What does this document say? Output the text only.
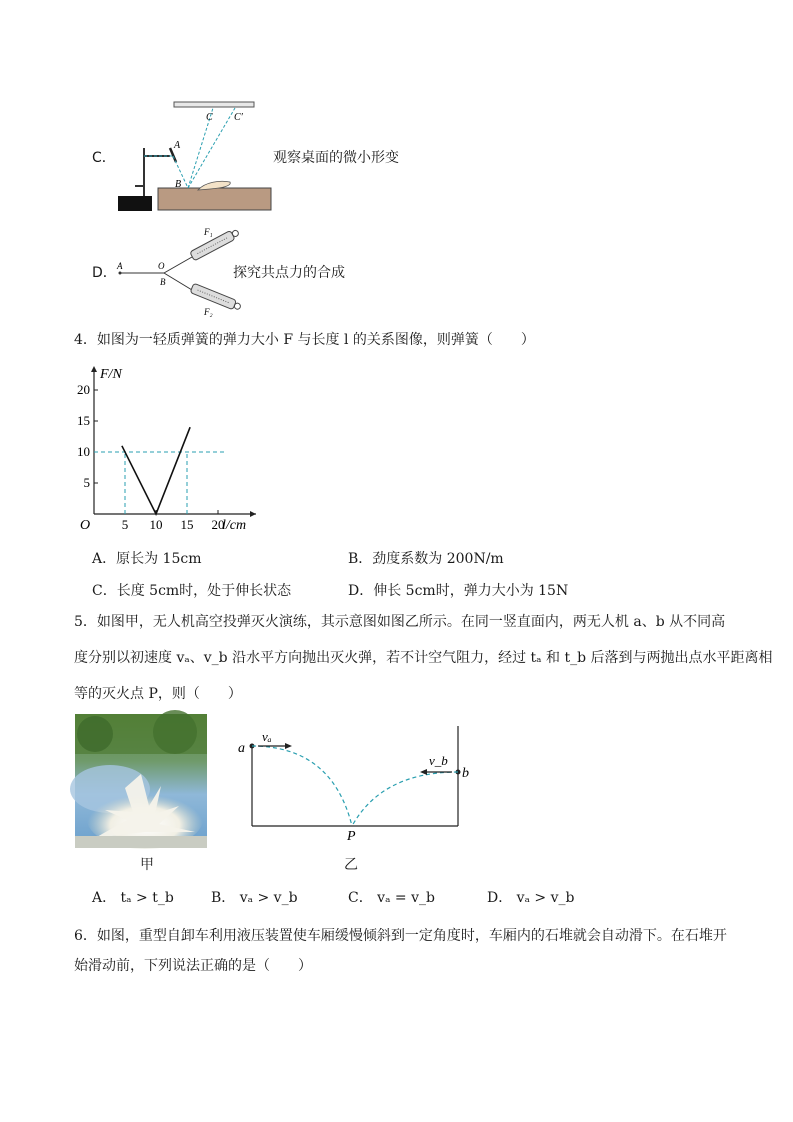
C．
A
B
C C′
观察桌面的微小形变
D． A	O
B
F₁
F₂
探究共点力的合成
4．如图为一轻质弹簧的弹力大小 F 与长度 l 的关系图像，则弹簧（　　）
5 10 15 20
5
10
15
20
F/N
l/cm
O
A．原长为 15cm	B．劲度系数为 200N/m
C．长度 5cm时，处于伸长状态	D．伸长 5cm时，弹力大小为 15N
5．如图甲，无人机高空投弹灭火演练，其示意图如图乙所示。在同一竖直面内，两无人机 a、b 从不同高
度分别以初速度 vₐ、v_b 沿水平方向抛出灭火弹，若不计空气阻力，经过 tₐ 和 t_b 后落到与两抛出点水平距离相
等的灭火点 P，则（　　）
甲
a
vₐ
v_b
b
P
乙
A． tₐ > t_b	B． vₐ > v_b	C． vₐ = v_b	D． vₐ > v_b
6．如图，重型自卸车利用液压装置使车厢缓慢倾斜到一定角度时，车厢内的石堆就会自动滑下。在石堆开
始滑动前，下列说法正确的是（　　）
